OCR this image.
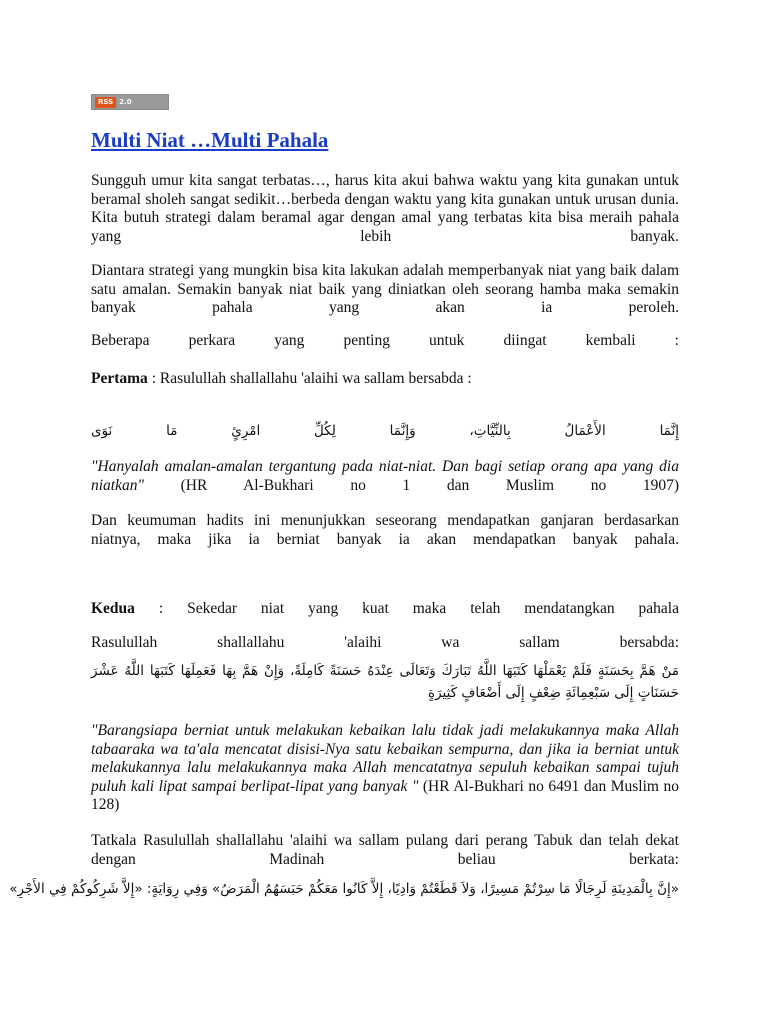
RSS 2.0
Multi Niat …Multi Pahala
Sungguh umur kita sangat terbatas…, harus kita akui bahwa waktu yang kita gunakan untuk beramal sholeh sangat sedikit…berbeda dengan waktu yang kita gunakan untuk urusan dunia. Kita butuh strategi dalam beramal agar dengan amal yang terbatas kita bisa meraih pahala yang lebih banyak.
Diantara strategi yang mungkin bisa kita lakukan adalah memperbanyak niat yang baik dalam satu amalan. Semakin banyak niat baik yang diniatkan oleh seorang hamba maka semakin banyak pahala yang akan ia peroleh.
Beberapa perkara yang penting untuk diingat kembali :
Pertama : Rasulullah shallallahu 'alaihi wa sallam bersabda :
إِنَّمَا الأَعْمَالُ بِالنِّيَّاتِ، وَإِنَّمَا لِكُلِّ امْرِئٍ مَا نَوَى
"Hanyalah amalan-amalan tergantung pada niat-niat. Dan bagi setiap orang apa yang dia niatkan" (HR Al-Bukhari no 1 dan Muslim no 1907)
Dan keumuman hadits ini menunjukkan seseorang mendapatkan ganjaran berdasarkan niatnya, maka jika ia berniat banyak ia akan mendapatkan banyak pahala.
Kedua : Sekedar niat yang kuat maka telah mendatangkan pahala
Rasulullah shallallahu 'alaihi wa sallam bersabda:
مَنْ هَمَّ بِحَسَنَةٍ فَلَمْ يَعْمَلْهَا كَتَبَهَا اللَّهُ تَبَارَكَ وَتَعَالَى عِنْدَهُ حَسَنَةً كَامِلَةً، وَإِنْ هَمَّ بِهَا فَعَمِلَهَا كَتَبَهَا اللَّهُ عَشْرَ حَسَنَاتٍ إِلَى سَبْعِمِائَةِ ضِعْفٍ إِلَى أَضْعَافٍ كَثِيرَةٍ
"Barangsiapa berniat untuk melakukan kebaikan lalu tidak jadi melakukannya maka Allah tabaaraka wa ta'ala mencatat disisi-Nya satu kebaikan sempurna, dan jika ia berniat untuk melakukannya lalu melakukannya maka Allah mencatatnya sepuluh kebaikan sampai tujuh puluh kali lipat sampai berlipat-lipat yang banyak " (HR Al-Bukhari no 6491 dan Muslim no 128)
Tatkala Rasulullah shallallahu 'alaihi wa sallam pulang dari perang Tabuk dan telah dekat dengan Madinah beliau berkata:
«إِنَّ بِالْمَدِينَةِ لَرِجَالًا مَا سِرْتُمْ مَسِيرًا، وَلاَ قَطَعْتُمْ وَادِيًا، إِلاَّ كَانُوا مَعَكُمْ حَبَسَهُمُ الْمَرَضُ» وَفِي رِوَايَةٍ: «إِلاَّ شَرِكُوكُمْ فِي الأَجْرِ»
